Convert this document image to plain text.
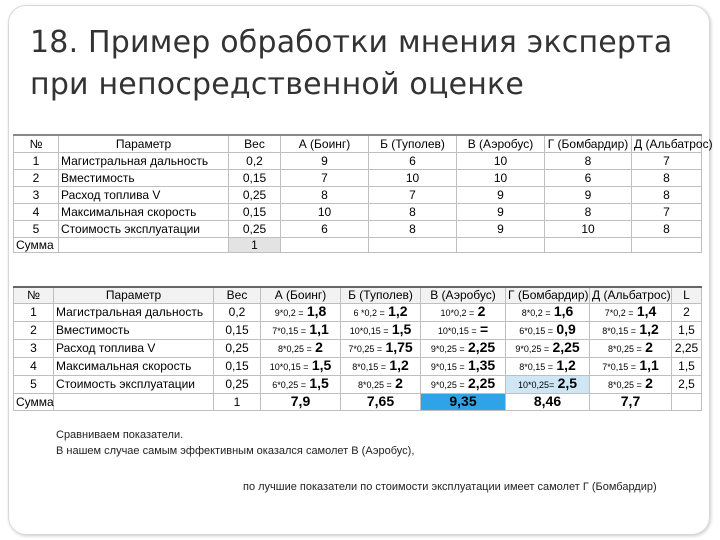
18. Пример обработки мнения эксперта
при непосредственной оценке
№	Параметр	Вес	А (Боинг)	Б (Туполев)	В (Аэробус)	Г (Бомбардир)	Д (Альбатрос)
1	Магистральная дальность	0,2	9	6	10	8	7
2	Вместимость	0,15	7	10	10	6	8
3	Расход топлива V	0,25	8	7	9	9	8
4	Максимальная скорость	0,15	10	8	9	8	7
5	Стоимость эксплуатации	0,25	6	8	9	10	8
Сумма		1					
№	Параметр	Вес	А (Боинг)	Б (Туполев)	В (Аэробус)	Г (Бомбардир)	Д (Альбатрос)	L
1	Магистральная дальность	0,2	9*0,2 = 1,8	6 *0,2 = 1,2	10*0,2 = 2	8*0,2 = 1,6	7*0,2 = 1,4	2
2	Вместимость	0,15	7*0,15 = 1,1	10*0,15 = 1,5	10*0,15 = =	6*0,15 = 0,9	8*0,15 = 1,2	1,5
3	Расход топлива V	0,25	8*0,25 = 2	7*0,25 = 1,75	9*0,25 = 2,25	9*0,25 = 2,25	8*0,25 = 2	2,25
4	Максимальная скорость	0,15	10*0,15 = 1,5	8*0,15 = 1,2	9*0,15 = 1,35	8*0,15 = 1,2	7*0,15 = 1,1	1,5
5	Стоимость эксплуатации	0,25	6*0,25 = 1,5	8*0,25 = 2	9*0,25 = 2,25	10*0,25= 2,5	8*0,25 = 2	2,5
Сумма		1	7,9	7,65	9,35	8,46	7,7	
Сравниваем показатели.
В нашем случае самым эффективным оказался самолет В (Аэробус),
по лучшие показатели по стоимости эксплуатации имеет самолет Г (Бомбардир)
